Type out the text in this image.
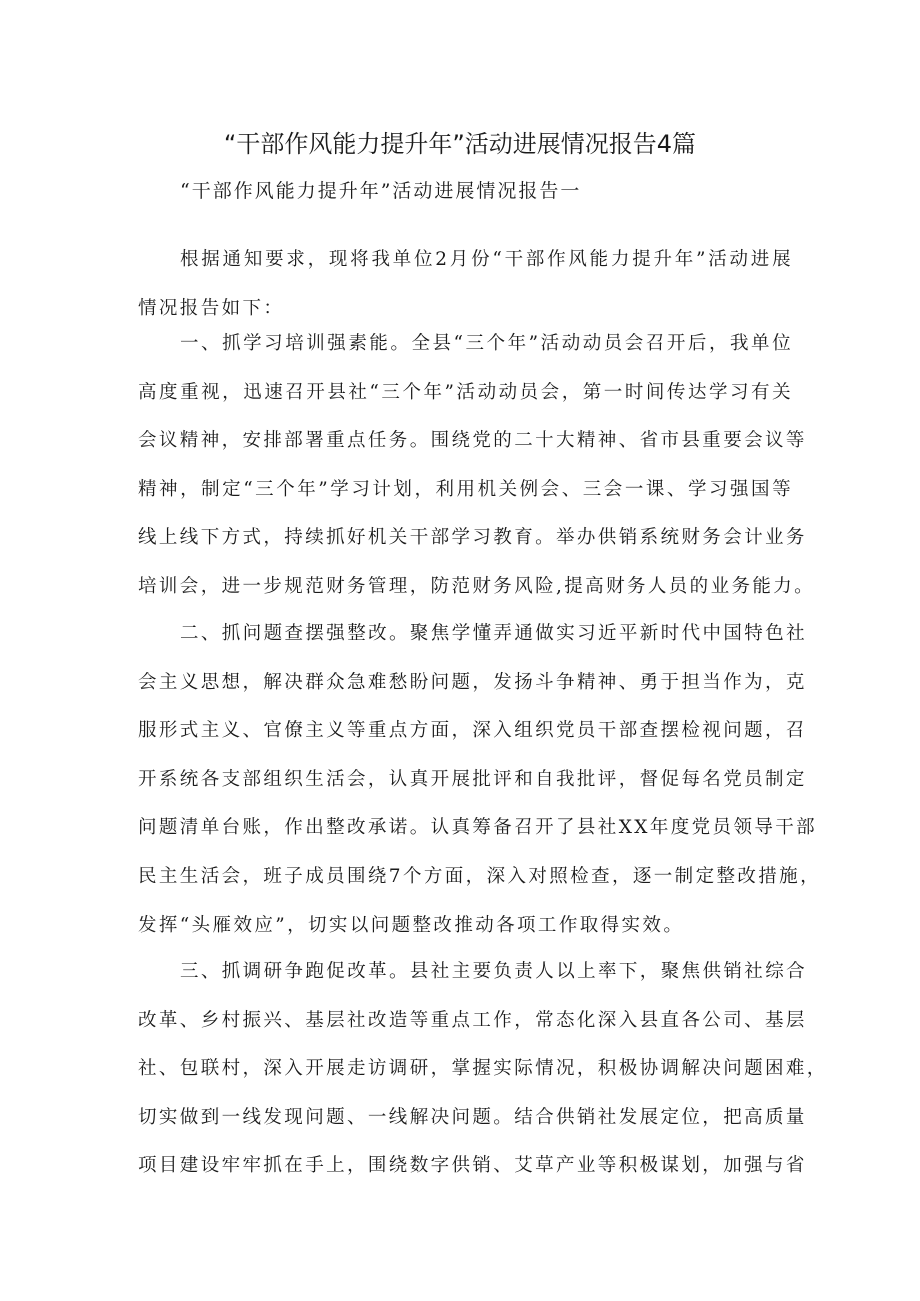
“干部作风能力提升年”活动进展情况报告4篇
“干部作风能力提升年”活动进展情况报告一
根据通知要求，现将我单位2月份“干部作风能力提升年”活动进展
情况报告如下：
一、抓学习培训强素能。全县“三个年”活动动员会召开后，我单位
高度重视，迅速召开县社“三个年”活动动员会，第一时间传达学习有关
会议精神，安排部署重点任务。围绕党的二十大精神、省市县重要会议等
精神，制定“三个年”学习计划，利用机关例会、三会一课、学习强国等
线上线下方式，持续抓好机关干部学习教育。举办供销系统财务会计业务
培训会，进一步规范财务管理，防范财务风险,提高财务人员的业务能力。
二、抓问题查摆强整改。聚焦学懂弄通做实习近平新时代中国特色社
会主义思想，解决群众急难愁盼问题，发扬斗争精神、勇于担当作为，克
服形式主义、官僚主义等重点方面，深入组织党员干部查摆检视问题，召
开系统各支部组织生活会，认真开展批评和自我批评，督促每名党员制定
问题清单台账，作出整改承诺。认真筹备召开了县社XX年度党员领导干部
民主生活会，班子成员围绕7个方面，深入对照检查，逐一制定整改措施，
发挥“头雁效应”，切实以问题整改推动各项工作取得实效。
三、抓调研争跑促改革。县社主要负责人以上率下，聚焦供销社综合
改革、乡村振兴、基层社改造等重点工作，常态化深入县直各公司、基层
社、包联村，深入开展走访调研，掌握实际情况，积极协调解决问题困难，
切实做到一线发现问题、一线解决问题。结合供销社发展定位，把高质量
项目建设牢牢抓在手上，围绕数字供销、艾草产业等积极谋划，加强与省
